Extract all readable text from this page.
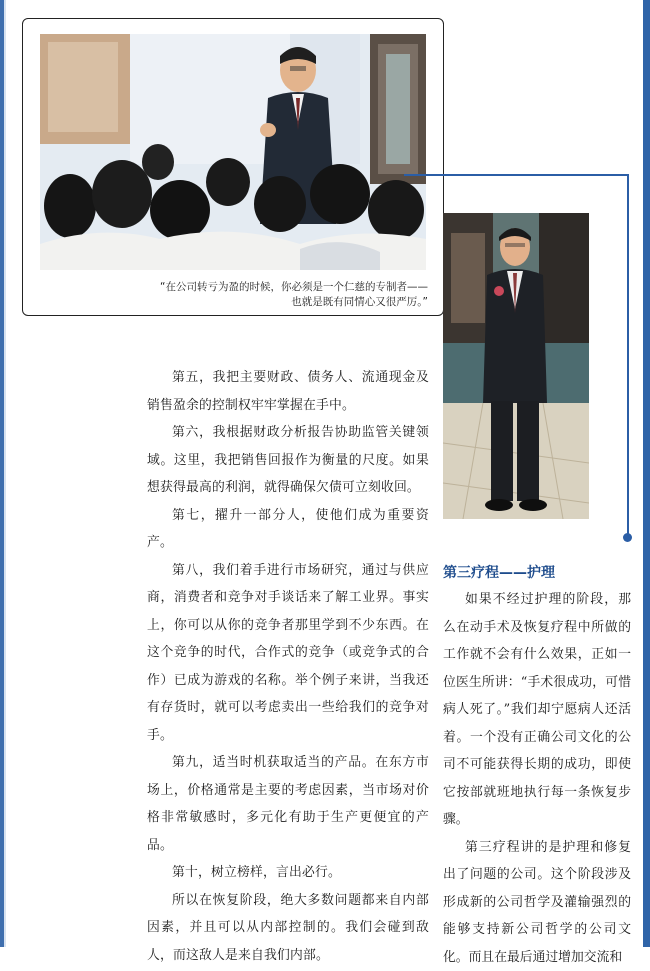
“在公司转亏为盈的时候，你必须是一个仁慈的专制者——
也就是既有同情心又很严厉。”

第五，我把主要财政、债务人、流通现金及销售盈余的控制权牢牢掌握在手中。

第六，我根据财政分析报告协助监管关键领域。这里，我把销售回报作为衡量的尺度。如果想获得最高的利润，就得确保欠债可立刻收回。

第七，擢升一部分人，使他们成为重要资产。

第八，我们着手进行市场研究，通过与供应商，消费者和竞争对手谈话来了解工业界。事实上，你可以从你的竞争者那里学到不少东西。在这个竞争的时代，合作式的竞争（或竞争式的合作）已成为游戏的名称。举个例子来讲，当我还有存货时，就可以考虑卖出一些给我们的竞争对手。

第九，适当时机获取适当的产品。在东方市场上，价格通常是主要的考虑因素，当市场对价格非常敏感时，多元化有助于生产更便宜的产品。

第十，树立榜样，言出必行。

所以在恢复阶段，绝大多数问题都来自内部因素，并且可以从内部控制的。我们会碰到敌人，而这敌人是来自我们内部。

第三疗程——护理

如果不经过护理的阶段，那么在动手术及恢复疗程中所做的工作就不会有什么效果，正如一位医生所讲：“手术很成功，可惜病人死了。”我们却宁愿病人还活着。一个没有正确公司文化的公司不可能获得长期的成功，即使它按部就班地执行每一条恢复步骤。

第三疗程讲的是护理和修复出了问题的公司。这个阶段涉及形成新的公司哲学及灌输强烈的能够支持新公司哲学的公司文化。而且在最后通过增加交流和
